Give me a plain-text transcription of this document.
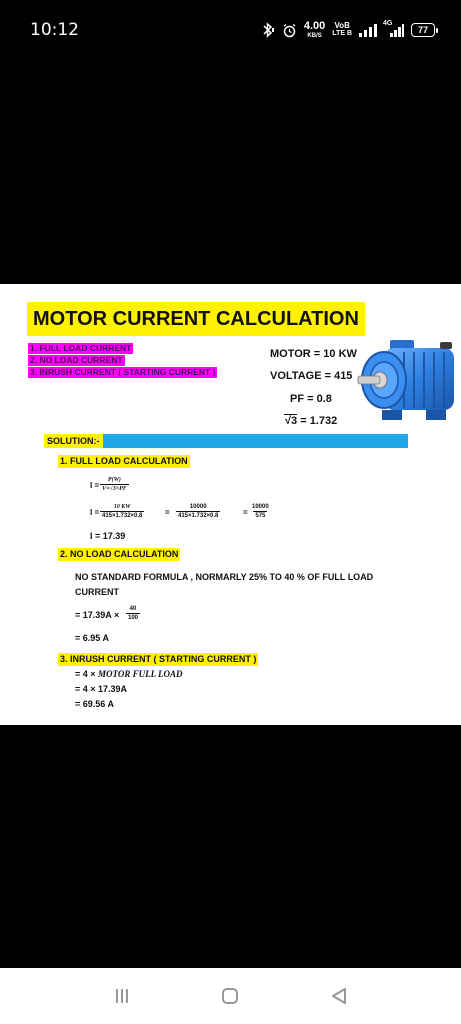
10:12	4.00
KB/S
VoB
LTE B
4G
77
MOTOR CURRENT CALCULATION
1. FULL LOAD CURRENT
2. NO LOAD CURRENT
3. INRUSH CURRENT ( STARTING CURRENT )
MOTOR = 10 KW
VOLTAGE = 415
PF = 0.8
√3 = 1.732
SOLUTION:-
1. FULL LOAD CALCULATION
$I = \frac{P(W)}{V\times√3\times PF}$
$I = \frac{10 KW}{415\times 1.732\times 0.8}$	= $\frac{10000}{415\times 1.732\times 0.8}$	= $\frac{10000}{575}$
I = 17.39
2. NO LOAD CALCULATION
NO STANDARD FORMULA , NORMARLY 25% TO 40 % OF FULL LOAD
CURRENT
= $17.39A \times \frac{40}{100}$
= 6.95 A
3. INRUSH CURRENT ( STARTING CURRENT )
= 4 × MOTOR FULL LOAD
= 4 × 17.39A
= 69.56 A
